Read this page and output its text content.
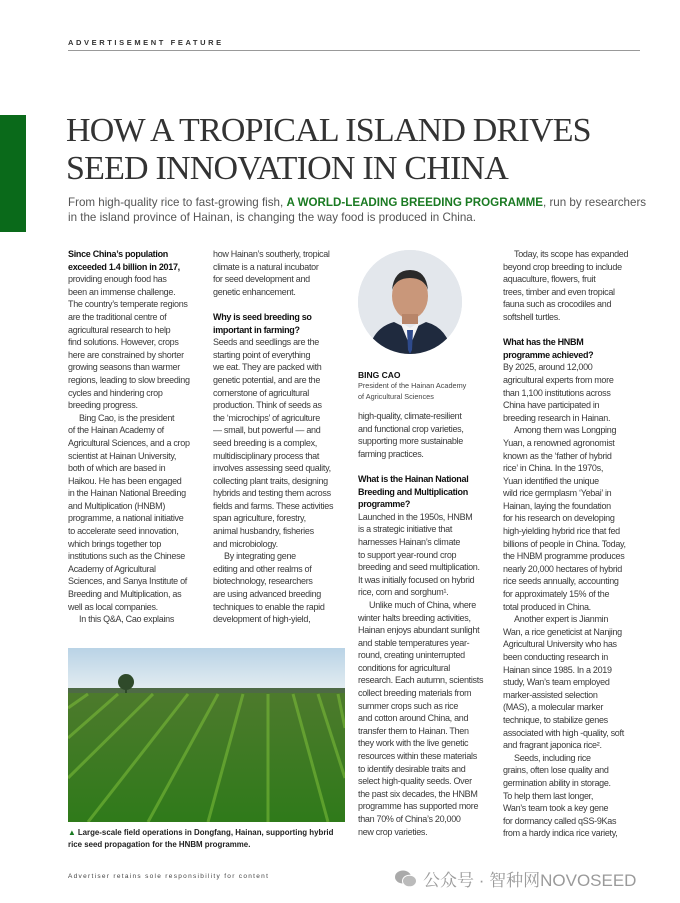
ADVERTISEMENT FEATURE
HOW A TROPICAL ISLAND DRIVES
SEED INNOVATION IN CHINA

From high-quality rice to fast-growing fish, A WORLD-LEADING BREEDING PROGRAMME, run by researchers in the island province of Hainan, is changing the way food is produced in China.

Since China’s population
exceeded 1.4 billion in 2017,
providing enough food has
been an immense challenge.
The country’s temperate regions
are the traditional centre of
agricultural research to help
find solutions. However, crops
here are constrained by shorter
growing seasons than warmer
regions, leading to slow breeding
cycles and hindering crop
breeding progress.
Bing Cao, is the president
of the Hainan Academy of
Agricultural Sciences, and a crop
scientist at Hainan University,
both of which are based in
Haikou. He has been engaged
in the Hainan National Breeding
and Multiplication (HNBM)
programme, a national initiative
to accelerate seed innovation,
which brings together top
institutions such as the Chinese
Academy of Agricultural
Sciences, and Sanya Institute of
Breeding and Multiplication, as
well as local companies.
In this Q&A, Cao explains
how Hainan’s southerly, tropical
climate is a natural incubator
for seed development and
genetic enhancement.
Why is seed breeding so
important in farming?
Seeds and seedlings are the
starting point of everything
we eat. They are packed with
genetic potential, and are the
cornerstone of agricultural
production. Think of seeds as
the ‘microchips’ of agriculture
— small, but powerful — and
seed breeding is a complex,
multidisciplinary process that
involves assessing seed quality,
collecting plant traits, designing
hybrids and testing them across
fields and farms. These activities
span agriculture, forestry,
animal husbandry, fisheries
and microbiology.
By integrating gene
editing and other realms of
biotechnology, researchers
are using advanced breeding
techniques to enable the rapid
development of high-yield,
high-quality, climate-resilient
and functional crop varieties,
supporting more sustainable
farming practices.
What is the Hainan National
Breeding and Multiplication
programme?
Launched in the 1950s, HNBM
is a strategic initiative that
harnesses Hainan’s climate
to support year-round crop
breeding and seed multiplication.
It was initially focused on hybrid
rice, corn and sorghum¹.
Unlike much of China, where
winter halts breeding activities,
Hainan enjoys abundant sunlight
and stable temperatures year-
round, creating uninterrupted
conditions for agricultural
research. Each autumn, scientists
collect breeding materials from
summer crops such as rice
and cotton around China, and
transfer them to Hainan. Then
they work with the live genetic
resources within these materials
to identify desirable traits and
select high-quality seeds. Over
the past six decades, the HNBM
programme has supported more
than 70% of China’s 20,000
new crop varieties.
Today, its scope has expanded
beyond crop breeding to include
aquaculture, flowers, fruit
trees, timber and even tropical
fauna such as crocodiles and
softshell turtles.
What has the HNBM
programme achieved?
By 2025, around 12,000
agricultural experts from more
than 1,100 institutions across
China have participated in
breeding research in Hainan.
Among them was Longping
Yuan, a renowned agronomist
known as the ‘father of hybrid
rice’ in China. In the 1970s,
Yuan identified the unique
wild rice germplasm ‘Yebai’ in
Hainan, laying the foundation
for his research on developing
high-yielding hybrid rice that fed
billions of people in China. Today,
the HNBM programme produces
nearly 20,000 hectares of hybrid
rice seeds annually, accounting
for approximately 15% of the
total produced in China.
Another expert is Jianmin
Wan, a rice geneticist at Nanjing
Agricultural University who has
been conducting research in
Hainan since 1985. In a 2019
study, Wan’s team employed
marker-assisted selection
(MAS), a molecular marker
technique, to stabilize genes
associated with high -quality, soft
and fragrant japonica rice².
Seeds, including rice
grains, often lose quality and
germination ability in storage.
To help them last longer,
Wan’s team took a key gene
for dormancy called qSS-9Kas
from a hardy indica rice variety,
BING CAO
President of the Hainan Academy
of Agricultural Sciences

▲ Large-scale field operations in Dongfang, Hainan, supporting hybrid rice seed propagation for the HNBM programme.

Advertiser retains sole responsibility for content	公众号 · 智种网NOVOSEED
